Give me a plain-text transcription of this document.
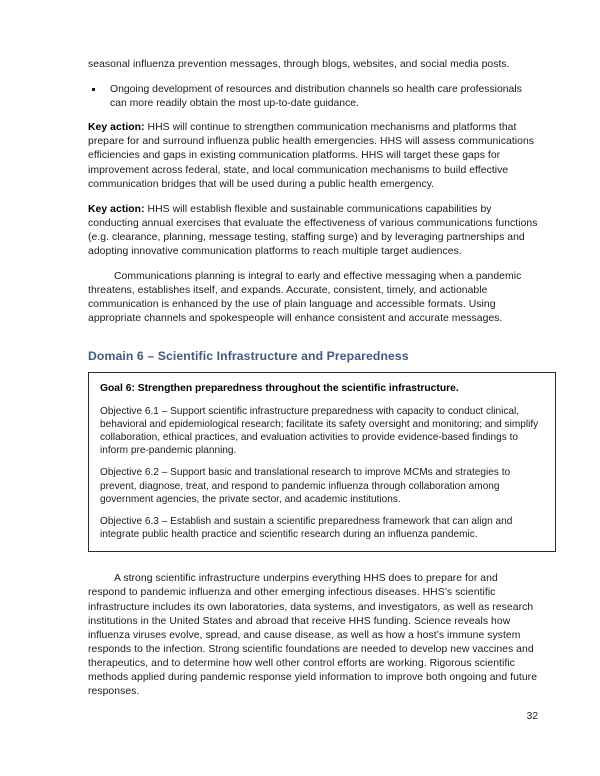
seasonal influenza prevention messages, through blogs, websites, and social media posts.

Ongoing development of resources and distribution channels so health care professionals can more readily obtain the most up-to-date guidance.

Key action: HHS will continue to strengthen communication mechanisms and platforms that prepare for and surround influenza public health emergencies. HHS will assess communications efficiencies and gaps in existing communication platforms. HHS will target these gaps for improvement across federal, state, and local communication mechanisms to build effective communication bridges that will be used during a public health emergency.

Key action: HHS will establish flexible and sustainable communications capabilities by conducting annual exercises that evaluate the effectiveness of various communications functions (e.g. clearance, planning, message testing, staffing surge) and by leveraging partnerships and adopting innovative communication platforms to reach multiple target audiences.

Communications planning is integral to early and effective messaging when a pandemic threatens, establishes itself, and expands. Accurate, consistent, timely, and actionable communication is enhanced by the use of plain language and accessible formats. Using appropriate channels and spokespeople will enhance consistent and accurate messages.

Domain 6 – Scientific Infrastructure and Preparedness
Goal 6: Strengthen preparedness throughout the scientific infrastructure.

Objective 6.1 – Support scientific infrastructure preparedness with capacity to conduct clinical, behavioral and epidemiological research; facilitate its safety oversight and monitoring; and simplify collaboration, ethical practices, and evaluation activities to provide evidence-based findings to inform pre-pandemic planning.

Objective 6.2 – Support basic and translational research to improve MCMs and strategies to prevent, diagnose, treat, and respond to pandemic influenza through collaboration among government agencies, the private sector, and academic institutions.

Objective 6.3 – Establish and sustain a scientific preparedness framework that can align and integrate public health practice and scientific research during an influenza pandemic.

A strong scientific infrastructure underpins everything HHS does to prepare for and respond to pandemic influenza and other emerging infectious diseases. HHS’s scientific infrastructure includes its own laboratories, data systems, and investigators, as well as research institutions in the United States and abroad that receive HHS funding. Science reveals how influenza viruses evolve, spread, and cause disease, as well as how a host’s immune system responds to the infection. Strong scientific foundations are needed to develop new vaccines and therapeutics, and to determine how well other control efforts are working. Rigorous scientific methods applied during pandemic response yield information to improve both ongoing and future responses.

32
